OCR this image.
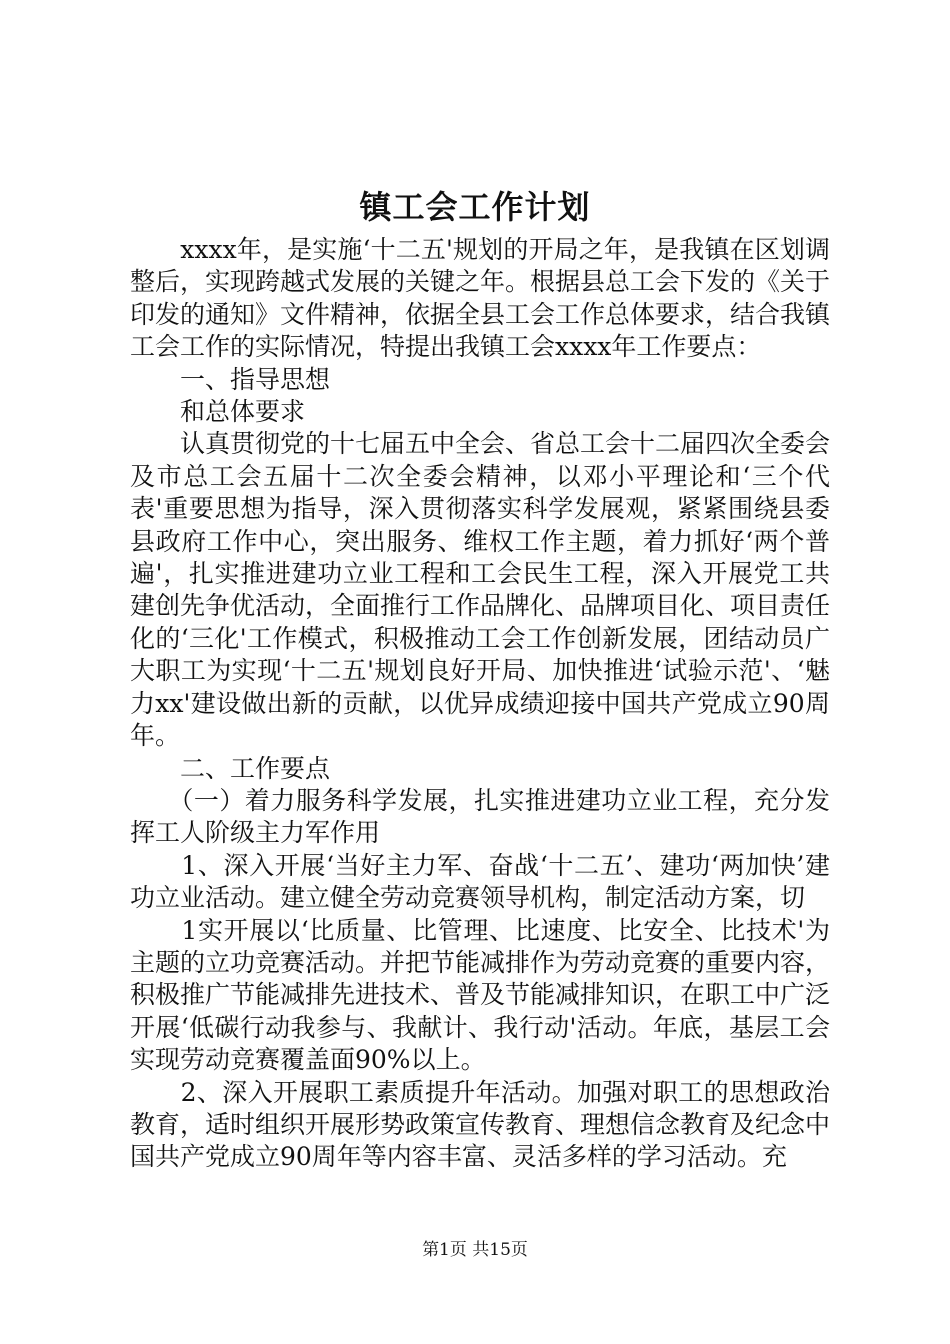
镇工会工作计划

　　xxxx年，是实施‘十二五'规划的开局之年，是我镇在区划调整后，实现跨越式发展的关键之年。根据县总工会下发的《关于印发的通知》文件精神，依据全县工会工作总体要求，结合我镇工会工作的实际情况，特提出我镇工会xxxx年工作要点：

　　一、指导思想

　　和总体要求

　　认真贯彻党的十七届五中全会、省总工会十二届四次全委会及市总工会五届十二次全委会精神，以邓小平理论和‘三个代表'重要思想为指导，深入贯彻落实科学发展观，紧紧围绕县委县政府工作中心，突出服务、维权工作主题，着力抓好‘两个普遍'，扎实推进建功立业工程和工会民生工程，深入开展党工共建创先争优活动，全面推行工作品牌化、品牌项目化、项目责任化的‘三化'工作模式，积极推动工会工作创新发展，团结动员广大职工为实现‘十二五'规划良好开局、加快推进‘试验示范'、‘魅力xx'建设做出新的贡献，以优异成绩迎接中国共产党成立90周年。

　　二、工作要点

　　（一）着力服务科学发展，扎实推进建功立业工程，充分发挥工人阶级主力军作用

　　1、深入开展‘当好主力军、奋战‘十二五’、建功‘两加快’建功立业活动。建立健全劳动竞赛领导机构，制定活动方案，切

　　1实开展以‘比质量、比管理、比速度、比安全、比技术'为主题的立功竞赛活动。并把节能减排作为劳动竞赛的重要内容，积极推广节能减排先进技术、普及节能减排知识，在职工中广泛开展‘低碳行动我参与、我献计、我行动'活动。年底，基层工会实现劳动竞赛覆盖面90%以上。

　　2、深入开展职工素质提升年活动。加强对职工的思想政治教育，适时组织开展形势政策宣传教育、理想信念教育及纪念中国共产党成立90周年等内容丰富、灵活多样的学习活动。充

第1页 共15页
